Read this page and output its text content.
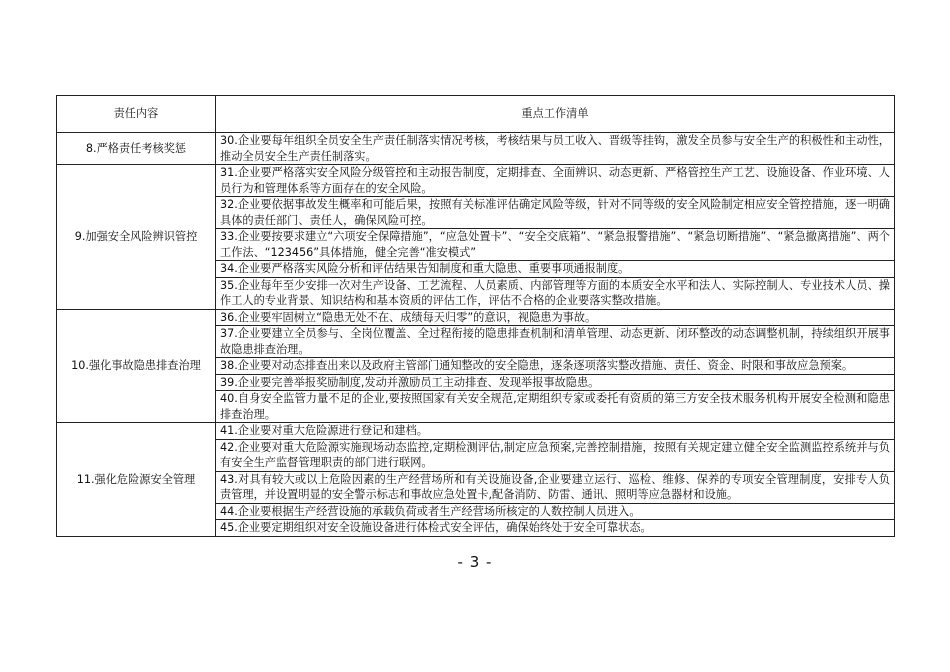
责任内容	重点工作清单
8.严格责任考核奖惩	30.企业要每年组织全员安全生产责任制落实情况考核，考核结果与员工收入、晋级等挂钩，激发全员参与安全生产的积极性和主动性，推动全员安全生产责任制落实。
9.加强安全风险辨识管控	31.企业要严格落实安全风险分级管控和主动报告制度，定期排查、全面辨识、动态更新、严格管控生产工艺、设施设备、作业环境、人员行为和管理体系等方面存在的安全风险。
	32.企业要依据事故发生概率和可能后果，按照有关标准评估确定风险等级，针对不同等级的安全风险制定相应安全管控措施，逐一明确具体的责任部门、责任人，确保风险可控。
	33.企业要按要求建立“六项安全保障措施”，“应急处置卡”、“安全交底箱”、“紧急报警措施”、“紧急切断措施”、“紧急撤离措施”、两个工作法、“123456”具体措施，健全完善“准安模式”
	34.企业要严格落实风险分析和评估结果告知制度和重大隐患、重要事项通报制度。
	35.企业每年至少安排一次对生产设备、工艺流程、人员素质、内部管理等方面的本质安全水平和法人、实际控制人、专业技术人员、操作工人的专业背景、知识结构和基本资质的评估工作，评估不合格的企业要落实整改措施。
10.强化事故隐患排查治理	36.企业要牢固树立“隐患无处不在、成绩每天归零”的意识，视隐患为事故。
	37.企业要建立全员参与、全岗位覆盖、全过程衔接的隐患排查机制和清单管理、动态更新、闭环整改的动态调整机制，持续组织开展事故隐患排查治理。
	38.企业要对动态排查出来以及政府主管部门通知整改的安全隐患，逐条逐项落实整改措施、责任、资金、时限和事故应急预案。
	39.企业要完善举报奖励制度,发动并激励员工主动排查、发现举报事故隐患。
	40.自身安全监管力量不足的企业,要按照国家有关安全规范,定期组织专家或委托有资质的第三方安全技术服务机构开展安全检测和隐患排查治理。
11.强化危险源安全管理	41.企业要对重大危险源进行登记和建档。
	42.企业要对重大危险源实施现场动态监控,定期检测评估,制定应急预案,完善控制措施，按照有关规定建立健全安全监测监控系统并与负有安全生产监督管理职责的部门进行联网。
	43.对具有较大或以上危险因素的生产经营场所和有关设施设备,企业要建立运行、巡检、维修、保养的专项安全管理制度，安排专人负责管理，并设置明显的安全警示标志和事故应急处置卡,配备消防、防雷、通讯、照明等应急器材和设施。
	44.企业要根据生产经营设施的承载负荷或者生产经营场所核定的人数控制人员进入。
	45.企业要定期组织对安全设施设备进行体检式安全评估，确保始终处于安全可靠状态。
- 3 -
